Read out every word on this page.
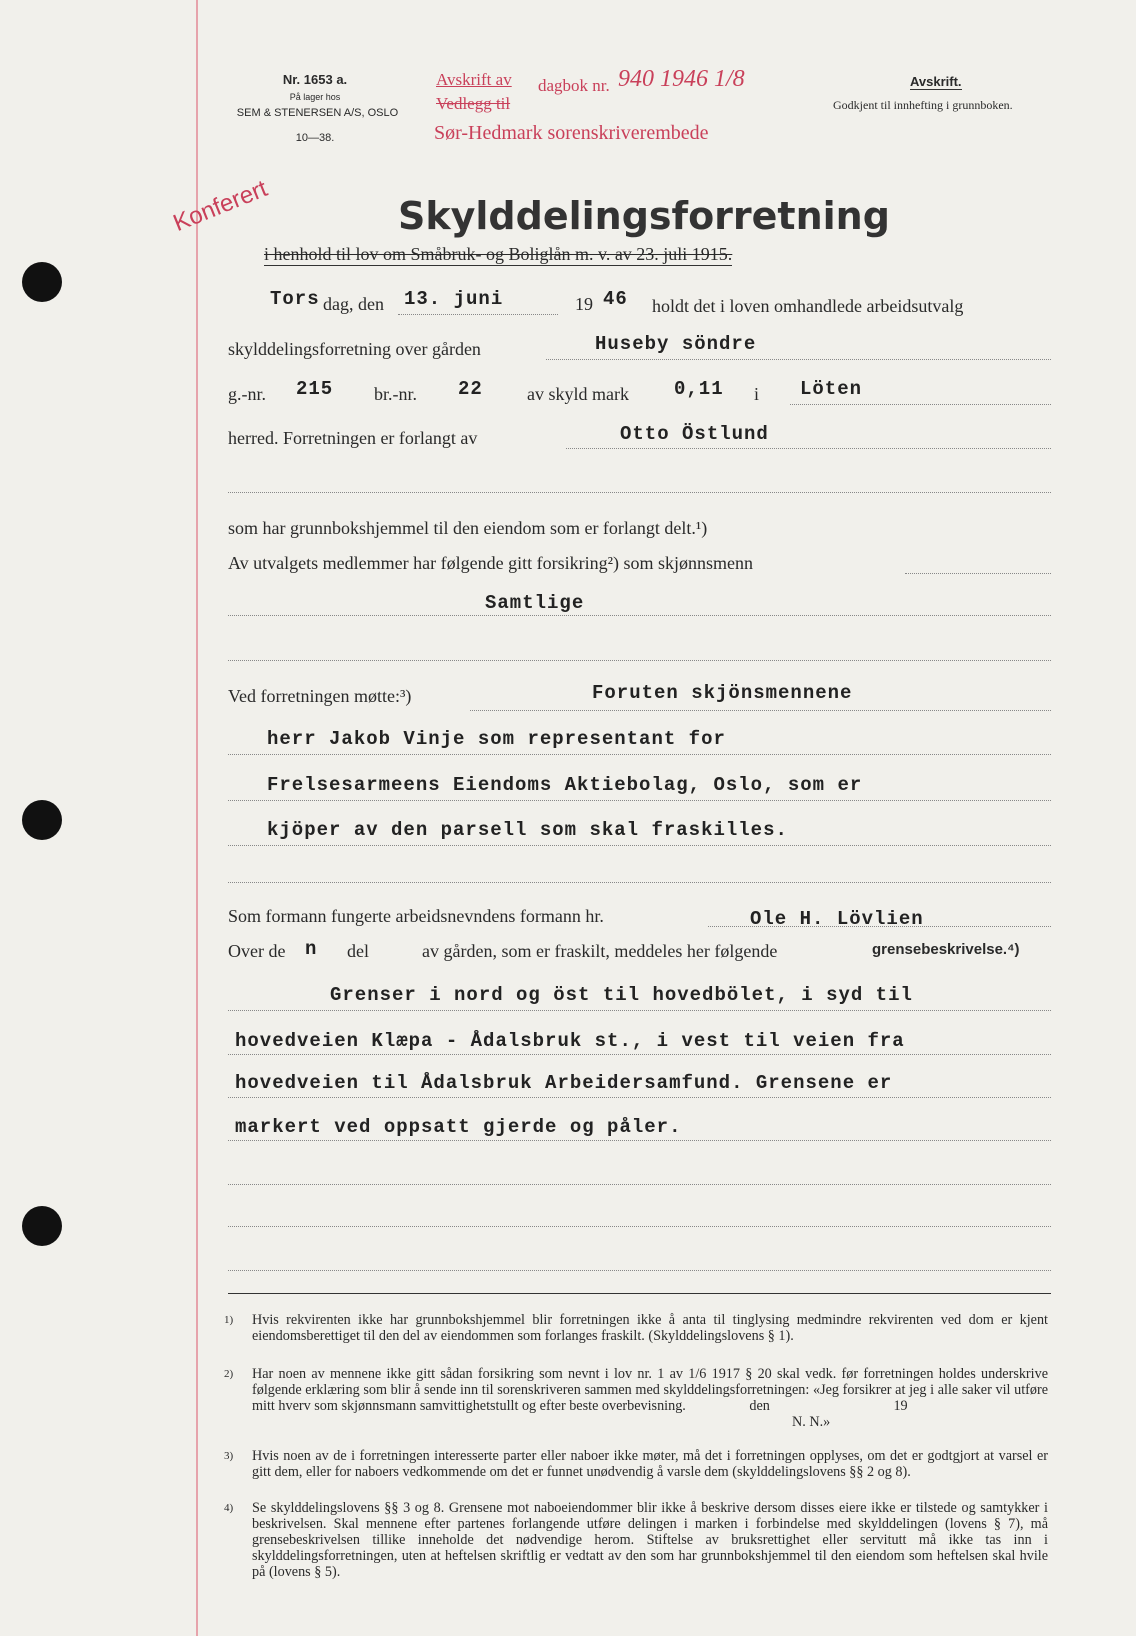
Nr. 1653 a.
På lager hos
SEM & STENERSEN A/S, OSLO
10—38.
Avskrift av dagbok nr. 940 1946 1/8
Vedlegg til
Sør-Hedmark sorenskriverembede
Avskrift.
Godkjent til innhefting i grunnboken.
Konferert	Skylddelingsforretning
i henhold til lov om Småbruk- og Boliglån m. v. av 23. juli 1915.
Tors dag, den 13. juni	19 46 holdt det i loven omhandlede arbeidsutvalg
skylddelingsforretning over gården	Huseby söndre
g.-nr. 215 br.-nr. 22 av skyld mark 0,11 i Löten
herred. Forretningen er forlangt av	Otto Östlund
som har grunnbokshjemmel til den eiendom som er forlangt delt.¹)
Av utvalgets medlemmer har følgende gitt forsikring²) som skjønnsmenn
Samtlige
Ved forretningen møtte:³)	Foruten skjönsmennene
herr Jakob Vinje som representant for
Frelsesarmeens Eiendoms Aktiebolag, Oslo, som er
kjöper av den parsell som skal fraskilles.
Som formann fungerte arbeidsnevndens formann hr.	Ole H. Lövlien
Over de n del	av gården, som er fraskilt, meddeles her følgende	grensebeskrivelse.⁴)
Grenser i nord og öst til hovedbölet, i syd til
hovedveien Klæpa - Ådalsbruk st., i vest til veien fra
hovedveien til Ådalsbruk Arbeidersamfund. Grensene er
markert ved oppsatt gjerde og påler.
1) Hvis rekvirenten ikke har grunnbokshjemmel blir forretningen ikke å anta til tinglysing medmindre rekvirenten ved dom er kjent eiendomsberettiget til den del av eiendommen som forlanges fraskilt. (Skylddelingslovens § 1).
2) Har noen av mennene ikke gitt sådan forsikring som nevnt i lov nr. 1 av 1/6 1917 § 20 skal vedk. før forretningen holdes underskrive følgende erklæring som blir å sende inn til sorenskriveren sammen med skylddelingsforretningen: «Jeg forsikrer at jeg i alle saker vil utføre mitt hverv som skjønnsmann samvittighetstullt og efter beste overbevisning.	den	19
N. N.»
3) Hvis noen av de i forretningen interesserte parter eller naboer ikke møter, må det i forretningen opplyses, om det er godtgjort at varsel er gitt dem, eller for naboers vedkommende om det er funnet unødvendig å varsle dem (skylddelingslovens §§ 2 og 8).
4) Se skylddelingslovens §§ 3 og 8. Grensene mot naboeiendommer blir ikke å beskrive dersom disses eiere ikke er tilstede og samtykker i beskrivelsen. Skal mennene efter partenes forlangende utføre delingen i marken i forbindelse med skylddelingen (lovens § 7), må grensebeskrivelsen tillike inneholde det nødvendige herom. Stiftelse av bruksrettighet eller servitutt må ikke tas inn i skylddelingsforretningen, uten at heftelsen skriftlig er vedtatt av den som har grunnbokshjemmel til den eiendom som heftelsen skal hvile på (lovens § 5).
